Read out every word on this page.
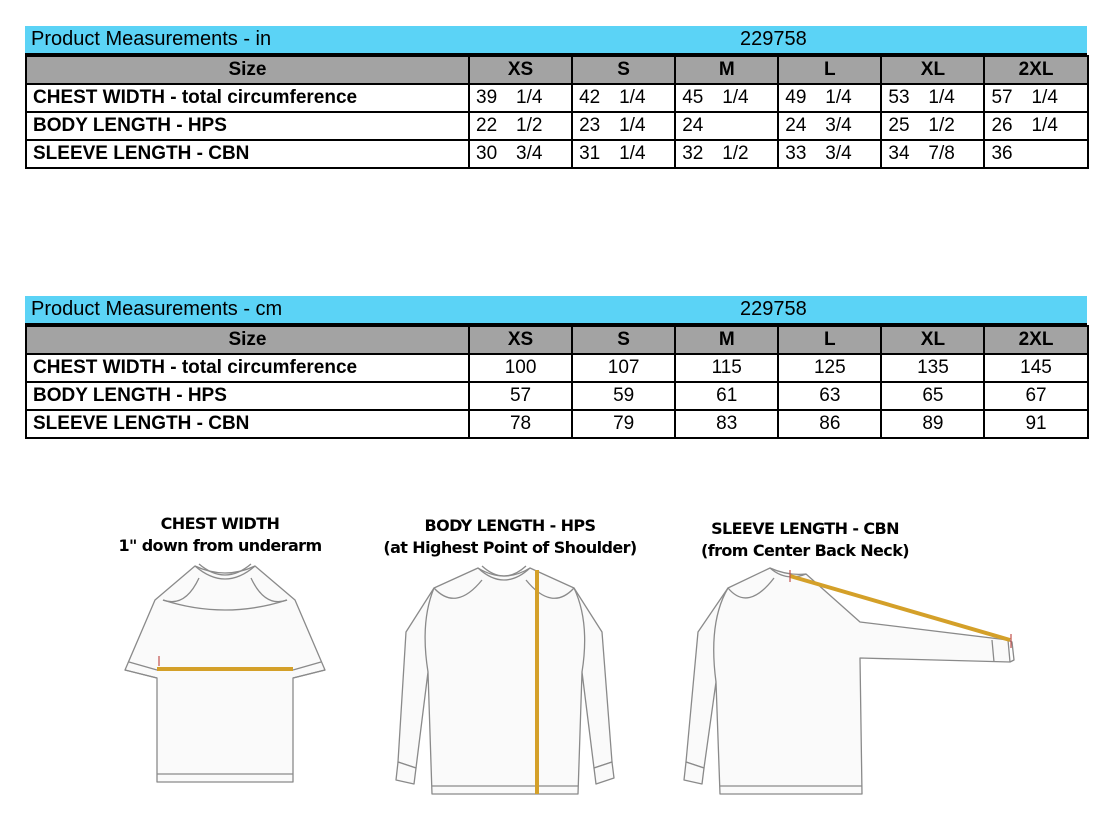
Product Measurements - in	229758
Size	XS	S	M	L	XL	2XL
CHEST WIDTH - total circumference	39 1/4	42 1/4	45 1/4	49 1/4	53 1/4	57 1/4
BODY LENGTH - HPS	22 1/2	23 1/4	24	24 3/4	25 1/2	26 1/4
SLEEVE LENGTH - CBN	30 3/4	31 1/4	32 1/2	33 3/4	34 7/8	36
Product Measurements - cm	229758
Size	XS	S	M	L	XL	2XL
CHEST WIDTH - total circumference	100	107	115	125	135	145
BODY LENGTH - HPS	57	59	61	63	65	67
SLEEVE LENGTH - CBN	78	79	83	86	89	91
CHEST WIDTH
1" down from underarm
BODY LENGTH - HPS
(at Highest Point of Shoulder)
SLEEVE LENGTH - CBN
(from Center Back Neck)
